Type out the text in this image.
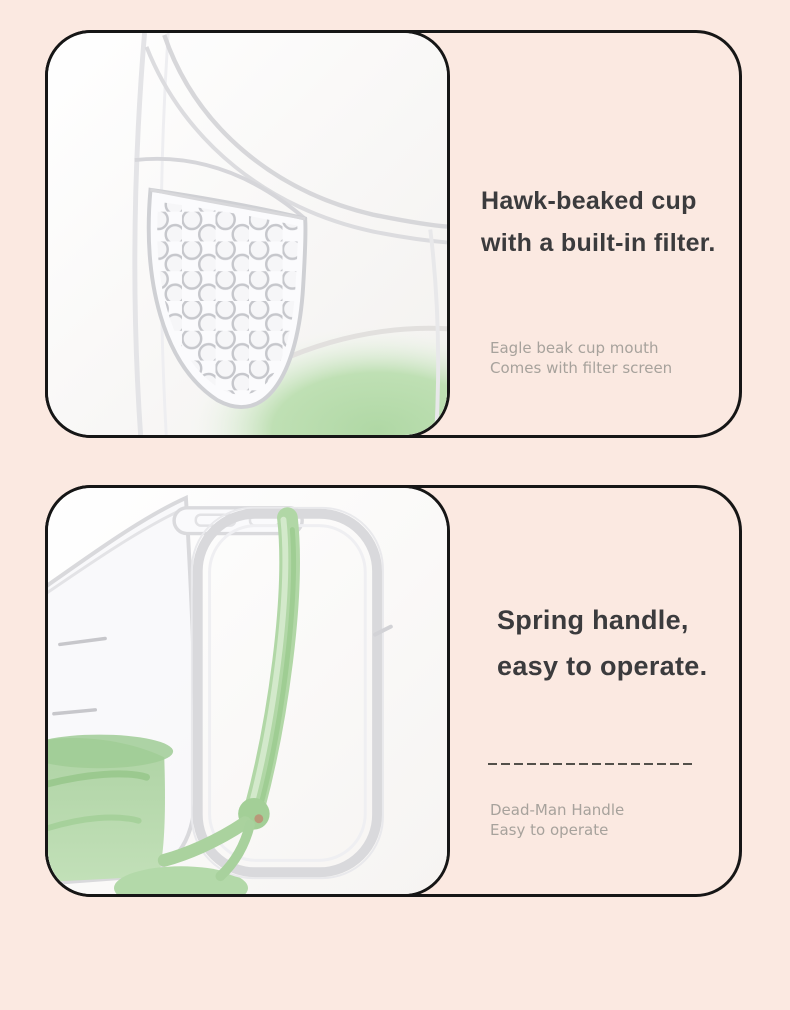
Hawk-beaked cup
with a built-in filter.

Eagle beak cup mouth
Comes with filter screen

Spring handle,
easy to operate.

Dead-Man Handle
Easy to operate
